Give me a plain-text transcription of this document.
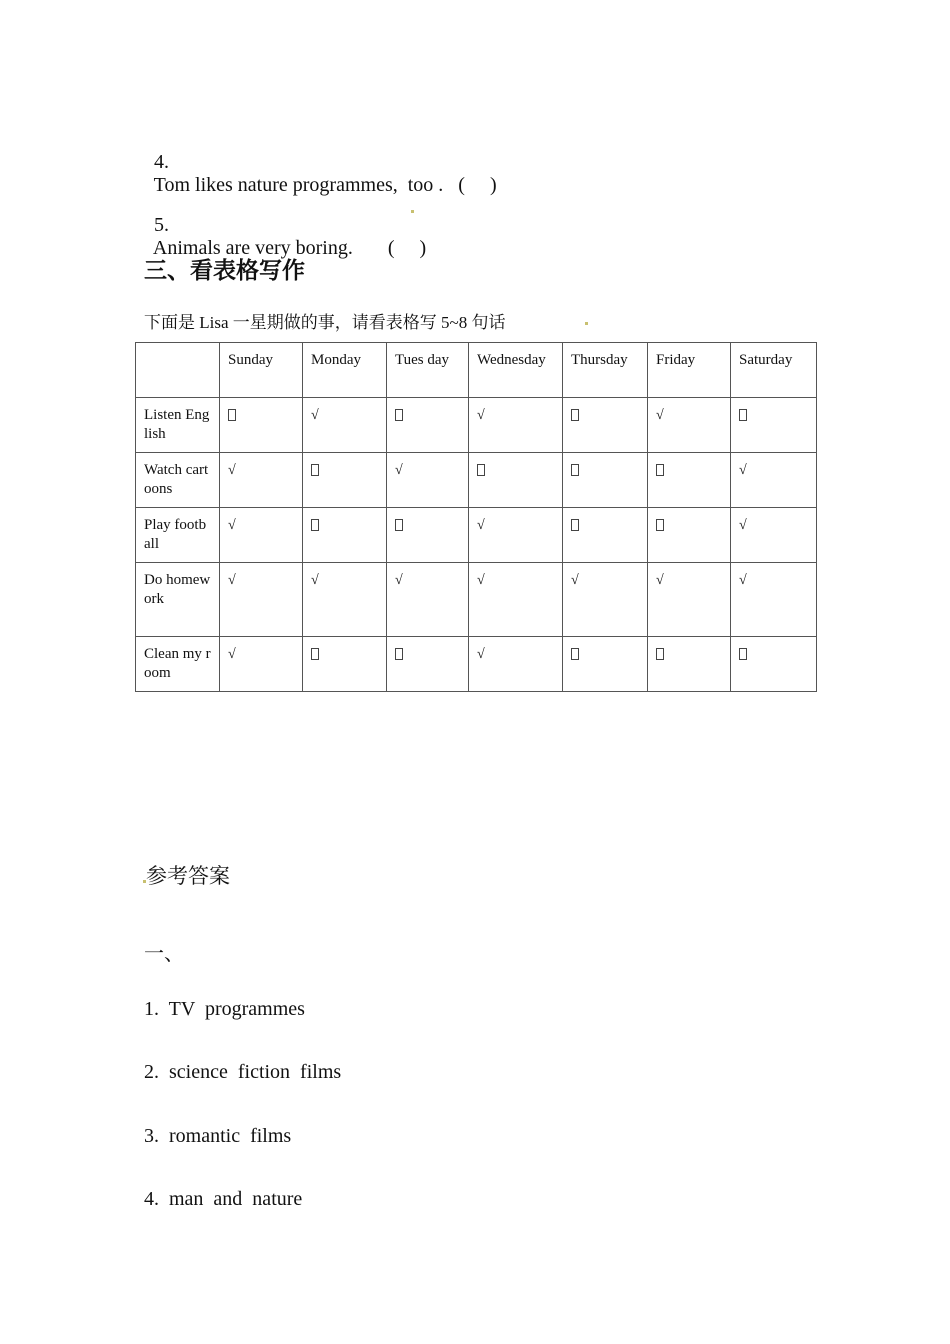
4.
Tom likes nature programmes,  too .   (     )

5.
Animals are very boring.       (     )

三、看表格写作
下面是 Lisa 一星期做的事，请看表格写 5~8 句话
	Sunday	Monday	Tues day	Wednesday	Thursday	Friday	Saturday
Listen English		√		√		√	
Watch cartoons	√		√				√
Play football	√			√			√
Do homework	√	√	√	√	√	√	√
Clean my room	√			√			
参考答案
一、
1.  TV  programmes
2.  science  fiction  films
3.  romantic  films
4.  man  and  nature
